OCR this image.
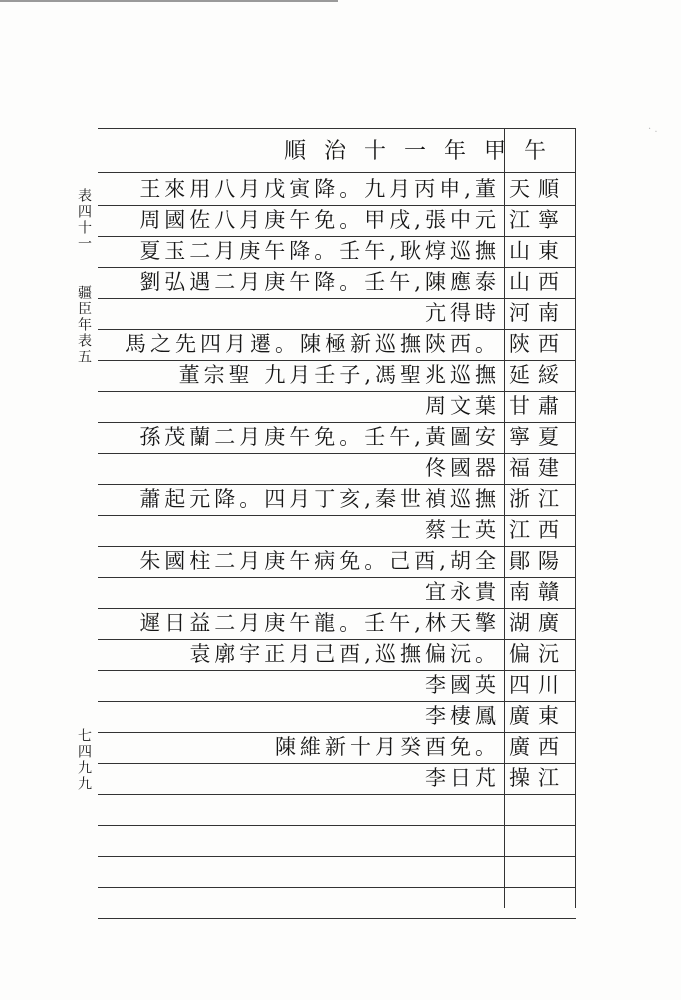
· .
表四十一
疆臣年表五
七四九九
順治十一年甲午
王來用八月戊寅降。九月丙申,董 天順
周國佐八月庚午免。甲戌,張中元 江寧
夏玉二月庚午降。壬午,耿焞巡撫 山東
劉弘遇二月庚午降。壬午,陳應泰 山西
亢得時 河南
馬之先四月遷。陳極新巡撫陝西。 陝西
董宗聖 九月壬子,馮聖兆巡撫 延綏
周文葉 甘肅
孫茂蘭二月庚午免。壬午,黃圖安 寧夏
佟國器 福建
蕭起元降。四月丁亥,秦世禎巡撫 浙江
蔡士英 江西
朱國柱二月庚午病免。己酉,胡全 鄖陽
宜永貴 南贛
遲日益二月庚午龍。壬午,林天擎 湖廣
袁廓宇正月己酉,巡撫偏沅。 偏沅
李國英 四川
李棲鳳 廣東
陳維新十月癸酉免。 廣西
李日芃 操江
